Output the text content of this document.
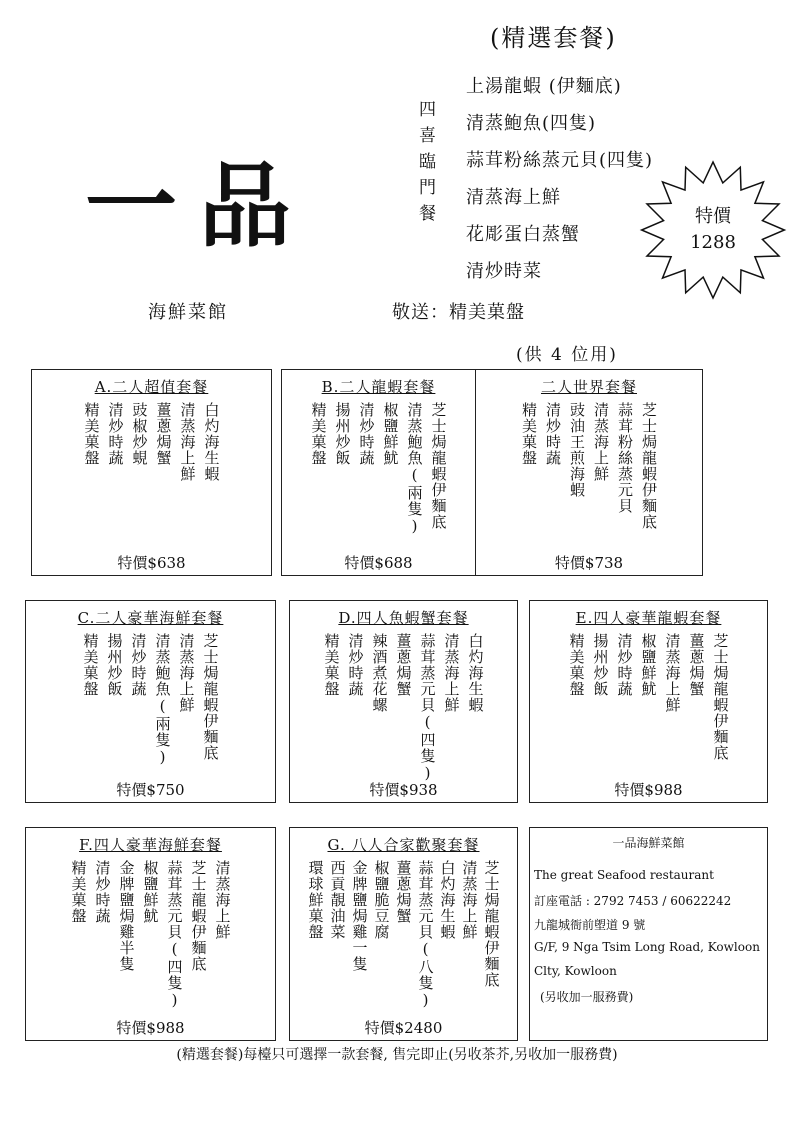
一品
海鮮菜館
(精選套餐)
四喜臨門餐
上湯龍蝦 (伊麵底)
清蒸鮑魚(四隻)
蒜茸粉絲蒸元貝(四隻)
清蒸海上鮮
花彫蛋白蒸蟹
清炒時菜
敬送：精美菓盤
(供 4 位用)
特價
1288
A.二人超值套餐
白灼海生蝦
清蒸海上鮮
薑蔥焗蟹
豉椒炒蜆
清炒時蔬
精美菓盤
特價$638
B.二人龍蝦套餐
芝士焗龍蝦伊麵底
清蒸鮑魚(兩隻)
椒鹽鮮魷
清炒時蔬
揚州炒飯
精美菓盤
特價$688
二人世界套餐
芝士焗龍蝦伊麵底
蒜茸粉絲蒸元貝
清蒸海上鮮
豉油王煎海蝦
清炒時蔬
精美菓盤
特價$738
C.二人豪華海鮮套餐
芝士焗龍蝦伊麵底
清蒸海上鮮
清蒸鮑魚(兩隻)
清炒時蔬
揚州炒飯
精美菓盤
特價$750
D.四人魚蝦蟹套餐
白灼海生蝦
清蒸海上鮮
蒜茸蒸元貝(四隻)
薑蔥焗蟹
辣酒煮花螺
清炒時蔬
精美菓盤
特價$938
E.四人豪華龍蝦套餐
芝士焗龍蝦伊麵底
薑蔥焗蟹
清蒸海上鮮
椒鹽鮮魷
清炒時蔬
揚州炒飯
精美菓盤
特價$988
F.四人豪華海鮮套餐
清蒸海上鮮
芝士龍蝦伊麵底
蒜茸蒸元貝(四隻)
椒鹽鮮魷
金牌鹽焗雞半隻
清炒時蔬
精美菓盤
特價$988
G. 八人合家歡聚套餐
芝士焗龍蝦伊麵底
清蒸海上鮮
白灼海生蝦
蒜茸蒸元貝(八隻)
薑蔥焗蟹
椒鹽脆豆腐
金牌鹽焗雞一隻
西貢靚油菜
環球鮮菓盤
特價$2480
一品海鮮菜館
The great Seafood restaurant
訂座電話 : 2792 7453 / 60622242
九龍城衙前塱道 9 號
G/F, 9 Nga Tsim Long Road, Kowloon
Clty, Kowloon
(另收加一服務費)
(精選套餐)每檯只可選擇一款套餐, 售完即止(另收茶芥,另收加一服務費)
